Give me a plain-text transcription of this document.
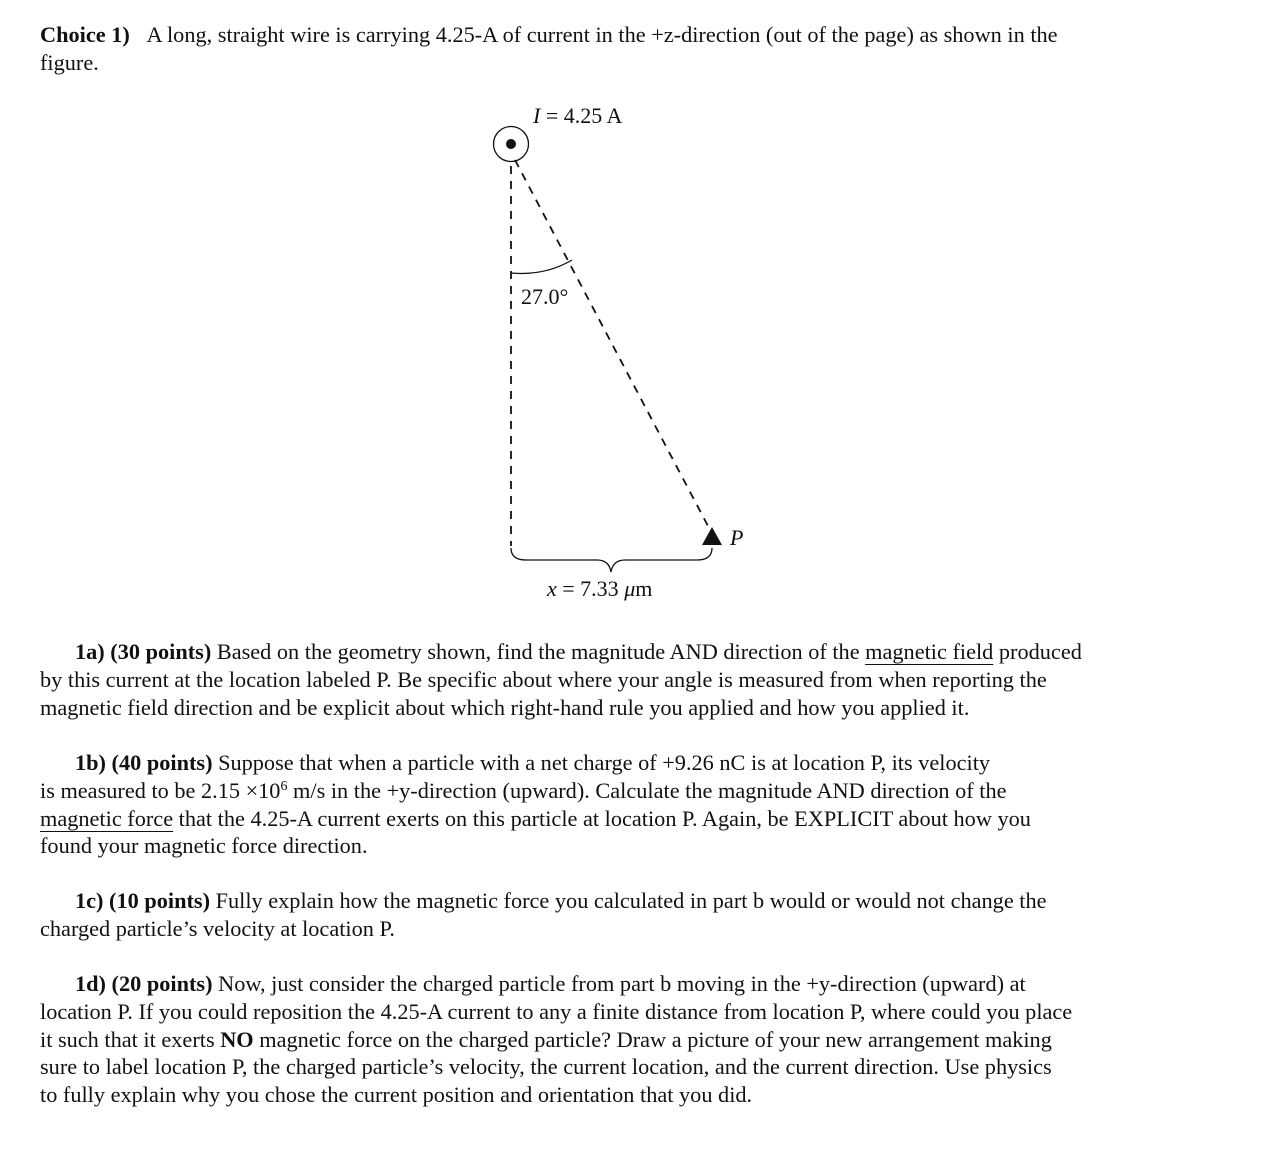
Choice 1) A long, straight wire is carrying 4.25-A of current in the +z-direction (out of the page) as shown in the
figure.
I = 4.25 A
27.0°
P
x = 7.33 μm
1a) (30 points) Based on the geometry shown, find the magnitude AND direction of the magnetic field produced
by this current at the location labeled P. Be specific about where your angle is measured from when reporting the
magnetic field direction and be explicit about which right-hand rule you applied and how you applied it.
1b) (40 points) Suppose that when a particle with a net charge of +9.26 nC is at location P, its velocity
is measured to be $2.15 \times 10^6$ m/s in the +y-direction (upward). Calculate the magnitude AND direction of the
magnetic force that the 4.25-A current exerts on this particle at location P. Again, be EXPLICIT about how you
found your magnetic force direction.
1c) (10 points) Fully explain how the magnetic force you calculated in part b would or would not change the
charged particle’s velocity at location P.
1d) (20 points) Now, just consider the charged particle from part b moving in the +y-direction (upward) at
location P. If you could reposition the 4.25-A current to any a finite distance from location P, where could you place
it such that it exerts NO magnetic force on the charged particle? Draw a picture of your new arrangement making
sure to label location P, the charged particle’s velocity, the current location, and the current direction. Use physics
to fully explain why you chose the current position and orientation that you did.
